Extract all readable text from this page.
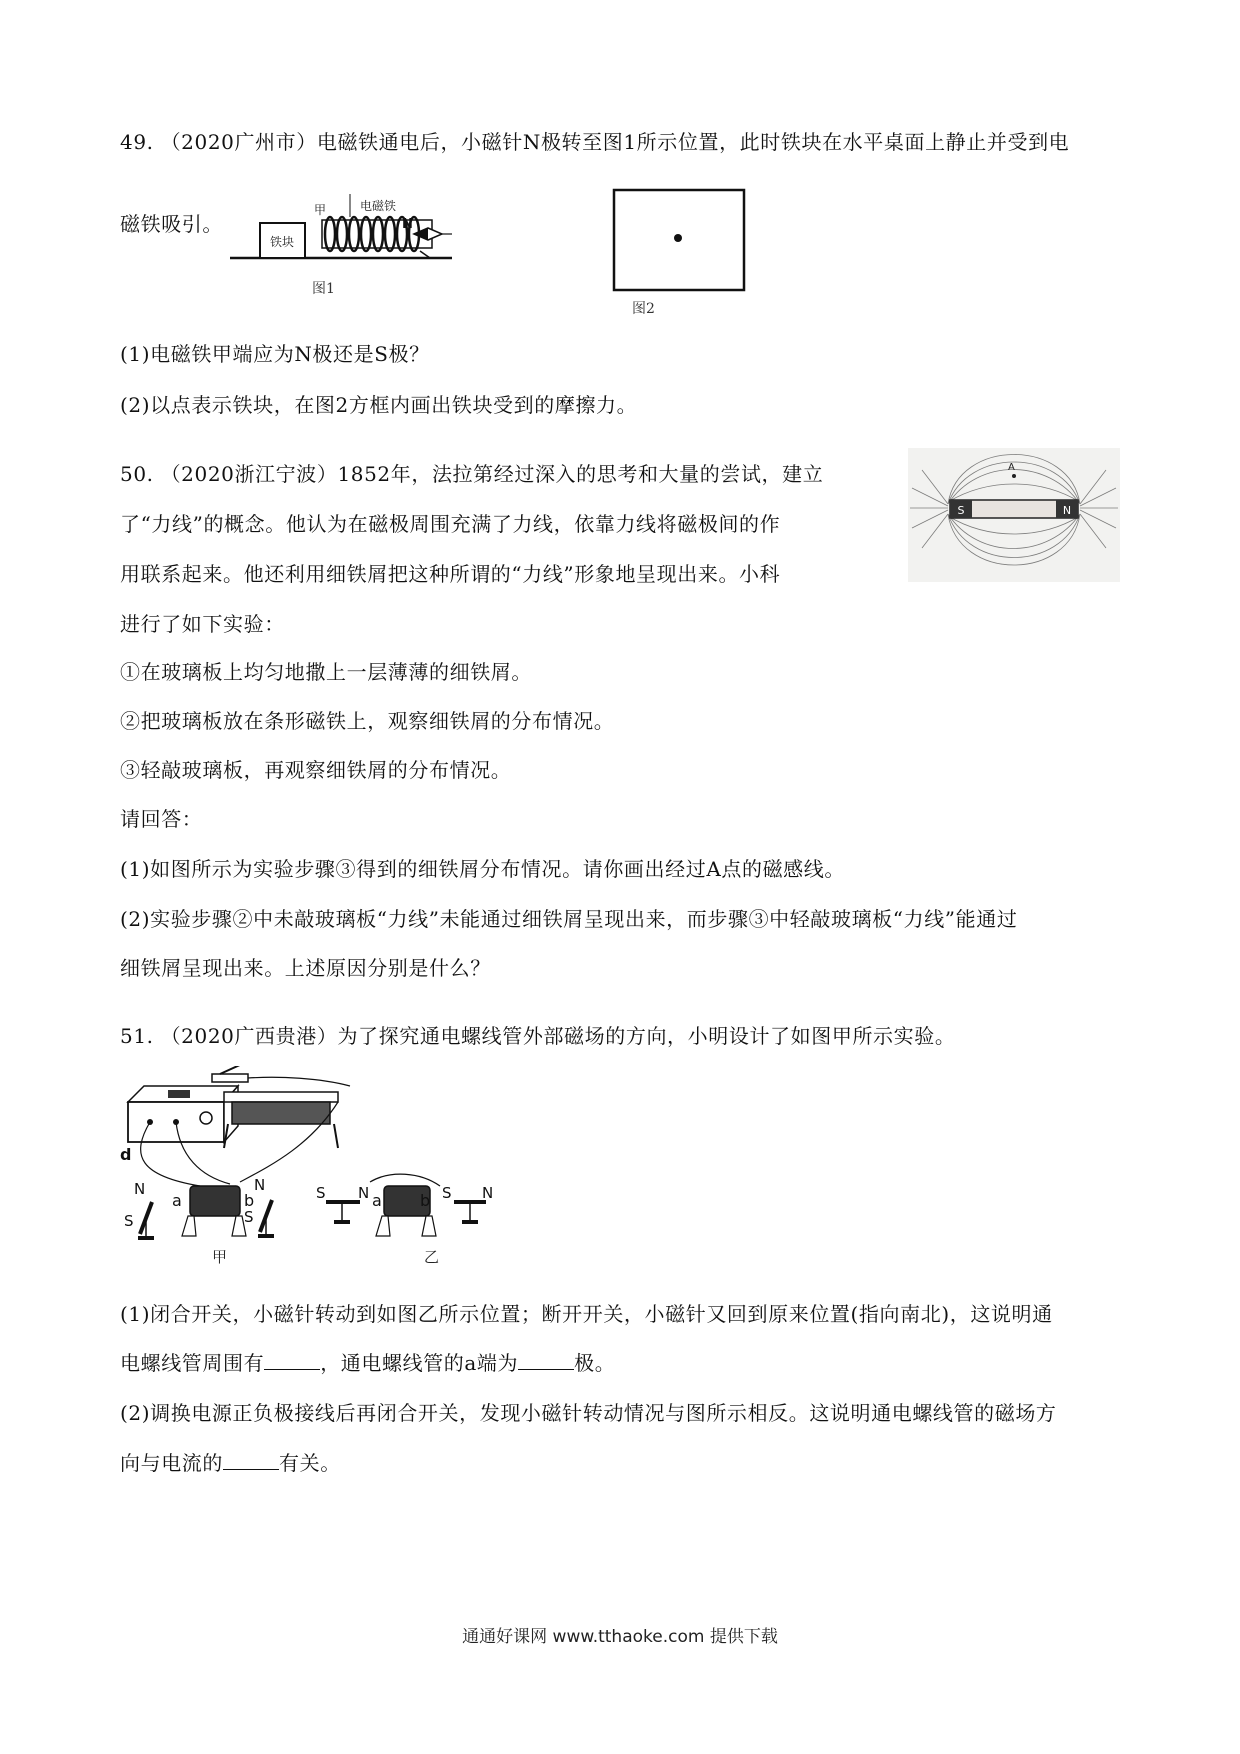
49. （2020广州市）电磁铁通电后，小磁针N极转至图1所示位置，此时铁块在水平桌面上静止并受到电
磁铁吸引。
铁块
甲	电磁铁
N
图1
图2
(1)电磁铁甲端应为N极还是S极？
(2)以点表示铁块，在图2方框内画出铁块受到的摩擦力。
50. （2020浙江宁波）1852年，法拉第经过深入的思考和大量的尝试，建立
了“力线”的概念。他认为在磁极周围充满了力线，依靠力线将磁极间的作
用联系起来。他还利用细铁屑把这种所谓的“力线”形象地呈现出来。小科
进行了如下实验：
S	N
A
①在玻璃板上均匀地撒上一层薄薄的细铁屑。
②把玻璃板放在条形磁铁上，观察细铁屑的分布情况。
③轻敲玻璃板，再观察细铁屑的分布情况。
请回答：
(1)如图所示为实验步骤③得到的细铁屑分布情况。请你画出经过A点的磁感线。
(2)实验步骤②中未敲玻璃板“力线”未能通过细铁屑呈现出来，而步骤③中轻敲玻璃板“力线”能通过
细铁屑呈现出来。上述原因分别是什么？
51. （2020广西贵港）为了探究通电螺线管外部磁场的方向，小明设计了如图甲所示实验。
d
a	b
N
S
N
S
a b
S N	S N
甲	乙
(1)闭合开关，小磁针转动到如图乙所示位置；断开开关，小磁针又回到原来位置(指向南北)，这说明通
电螺线管周围有	，通电螺线管的a端为	极。
(2)调换电源正负极接线后再闭合开关，发现小磁针转动情况与图所示相反。这说明通电螺线管的磁场方
向与电流的	有关。
通通好课网 www.tthaoke.com 提供下载
